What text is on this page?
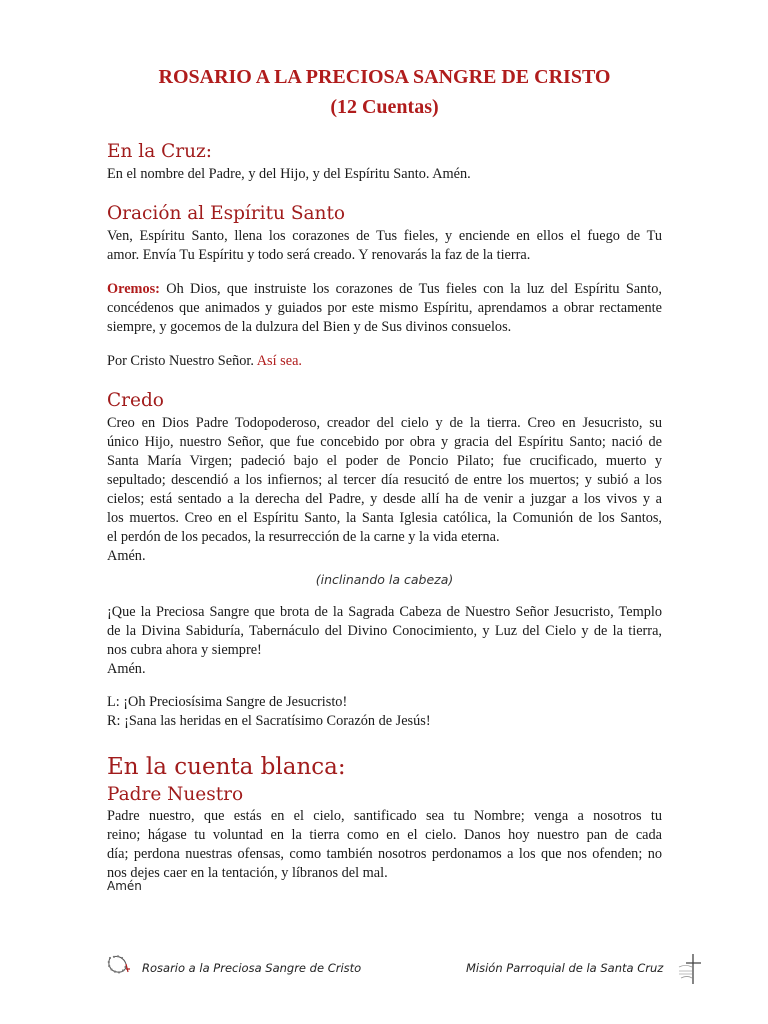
ROSARIO A LA PRECIOSA SANGRE DE CRISTO
(12 Cuentas)
En la Cruz:
En el nombre del Padre, y del Hijo, y del Espíritu Santo. Amén.
Oración al Espíritu Santo
Ven, Espíritu Santo, llena los corazones de Tus fieles, y enciende en ellos el fuego de Tu
amor. Envía Tu Espíritu y todo será creado. Y renovarás la faz de la tierra.
Oremos: Oh Dios, que instruiste los corazones de Tus fieles con la luz del Espíritu Santo,
concédenos que animados y guiados por este mismo Espíritu, aprendamos a obrar rectamente
siempre, y gocemos de la dulzura del Bien y de Sus divinos consuelos.
Por Cristo Nuestro Señor. Así sea.
Credo
Creo en Dios Padre Todopoderoso, creador del cielo y de la tierra. Creo en Jesucristo, su
único Hijo, nuestro Señor, que fue concebido por obra y gracia del Espíritu Santo; nació de
Santa María Virgen; padeció bajo el poder de Poncio Pilato; fue crucificado, muerto y
sepultado; descendió a los infiernos; al tercer día resucitó de entre los muertos; y subió a los
cielos; está sentado a la derecha del Padre, y desde allí ha de venir a juzgar a los vivos y a
los muertos. Creo en el Espíritu Santo, la Santa Iglesia católica, la Comunión de los Santos,
el perdón de los pecados, la resurrección de la carne y la vida eterna.
Amén.
(inclinando la cabeza)
¡Que la Preciosa Sangre que brota de la Sagrada Cabeza de Nuestro Señor Jesucristo, Templo
de la Divina Sabiduría, Tabernáculo del Divino Conocimiento, y Luz del Cielo y de la tierra,
nos cubra ahora y siempre!
Amén.
L: ¡Oh Preciosísima Sangre de Jesucristo!
R: ¡Sana las heridas en el Sacratísimo Corazón de Jesús!
En la cuenta blanca:
Padre Nuestro
Padre nuestro, que estás en el cielo, santificado sea tu Nombre; venga a nosotros tu
reino; hágase tu voluntad en la tierra como en el cielo. Danos hoy nuestro pan de cada
día; perdona nuestras ofensas, como también nosotros perdonamos a los que nos ofenden; no
nos dejes caer en la tentación, y líbranos del mal.
Amén
Rosario a la Preciosa Sangre de Cristo	Misión Parroquial de la Santa Cruz
